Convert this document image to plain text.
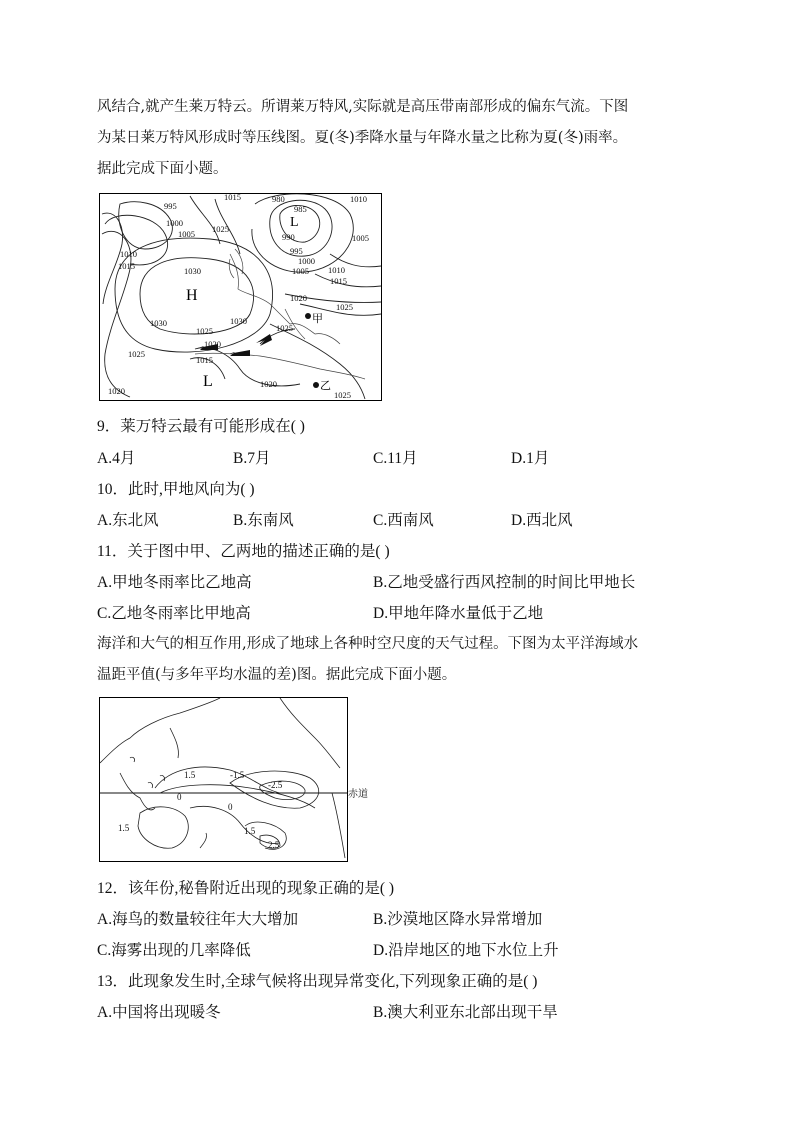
风结合,就产生莱万特云。所谓莱万特风,实际就是高压带南部形成的偏东气流。下图
为某日莱万特风形成时等压线图。夏(冬)季降水量与年降水量之比称为夏(冬)雨率。
据此完成下面小题。
H
L
L
甲
乙
980
985
990
995
995
1000
1000
1005
1005
1005
1010
1010
1010
1015
1015
1015
1015
1020
1020
1020
1020
1025
1025	1025
1025
1025
1025
1030
1030	1030
9．莱万特云最有可能形成在( )
A.4月	B.7月	C.11月	D.1月
10．此时,甲地风向为( )
A.东北风	B.东南风	C.西南风	D.西北风
11．关于图中甲、乙两地的描述正确的是( )
A.甲地冬雨率比乙地高	B.乙地受盛行西风控制的时间比甲地长
C.乙地冬雨率比甲地高	D.甲地年降水量低于乙地
海洋和大气的相互作用,形成了地球上各种时空尺度的天气过程。下图为太平洋海域水
温距平值(与多年平均水温的差)图。据此完成下面小题。
1.5	-1.5
-2.5
0
0
1.5	1.5
2.5
赤道
12．该年份,秘鲁附近出现的现象正确的是( )
A.海鸟的数量较往年大大增加	B.沙漠地区降水异常增加
C.海雾出现的几率降低	D.沿岸地区的地下水位上升
13．此现象发生时,全球气候将出现异常变化,下列现象正确的是( )
A.中国将出现暖冬	B.澳大利亚东北部出现干旱
